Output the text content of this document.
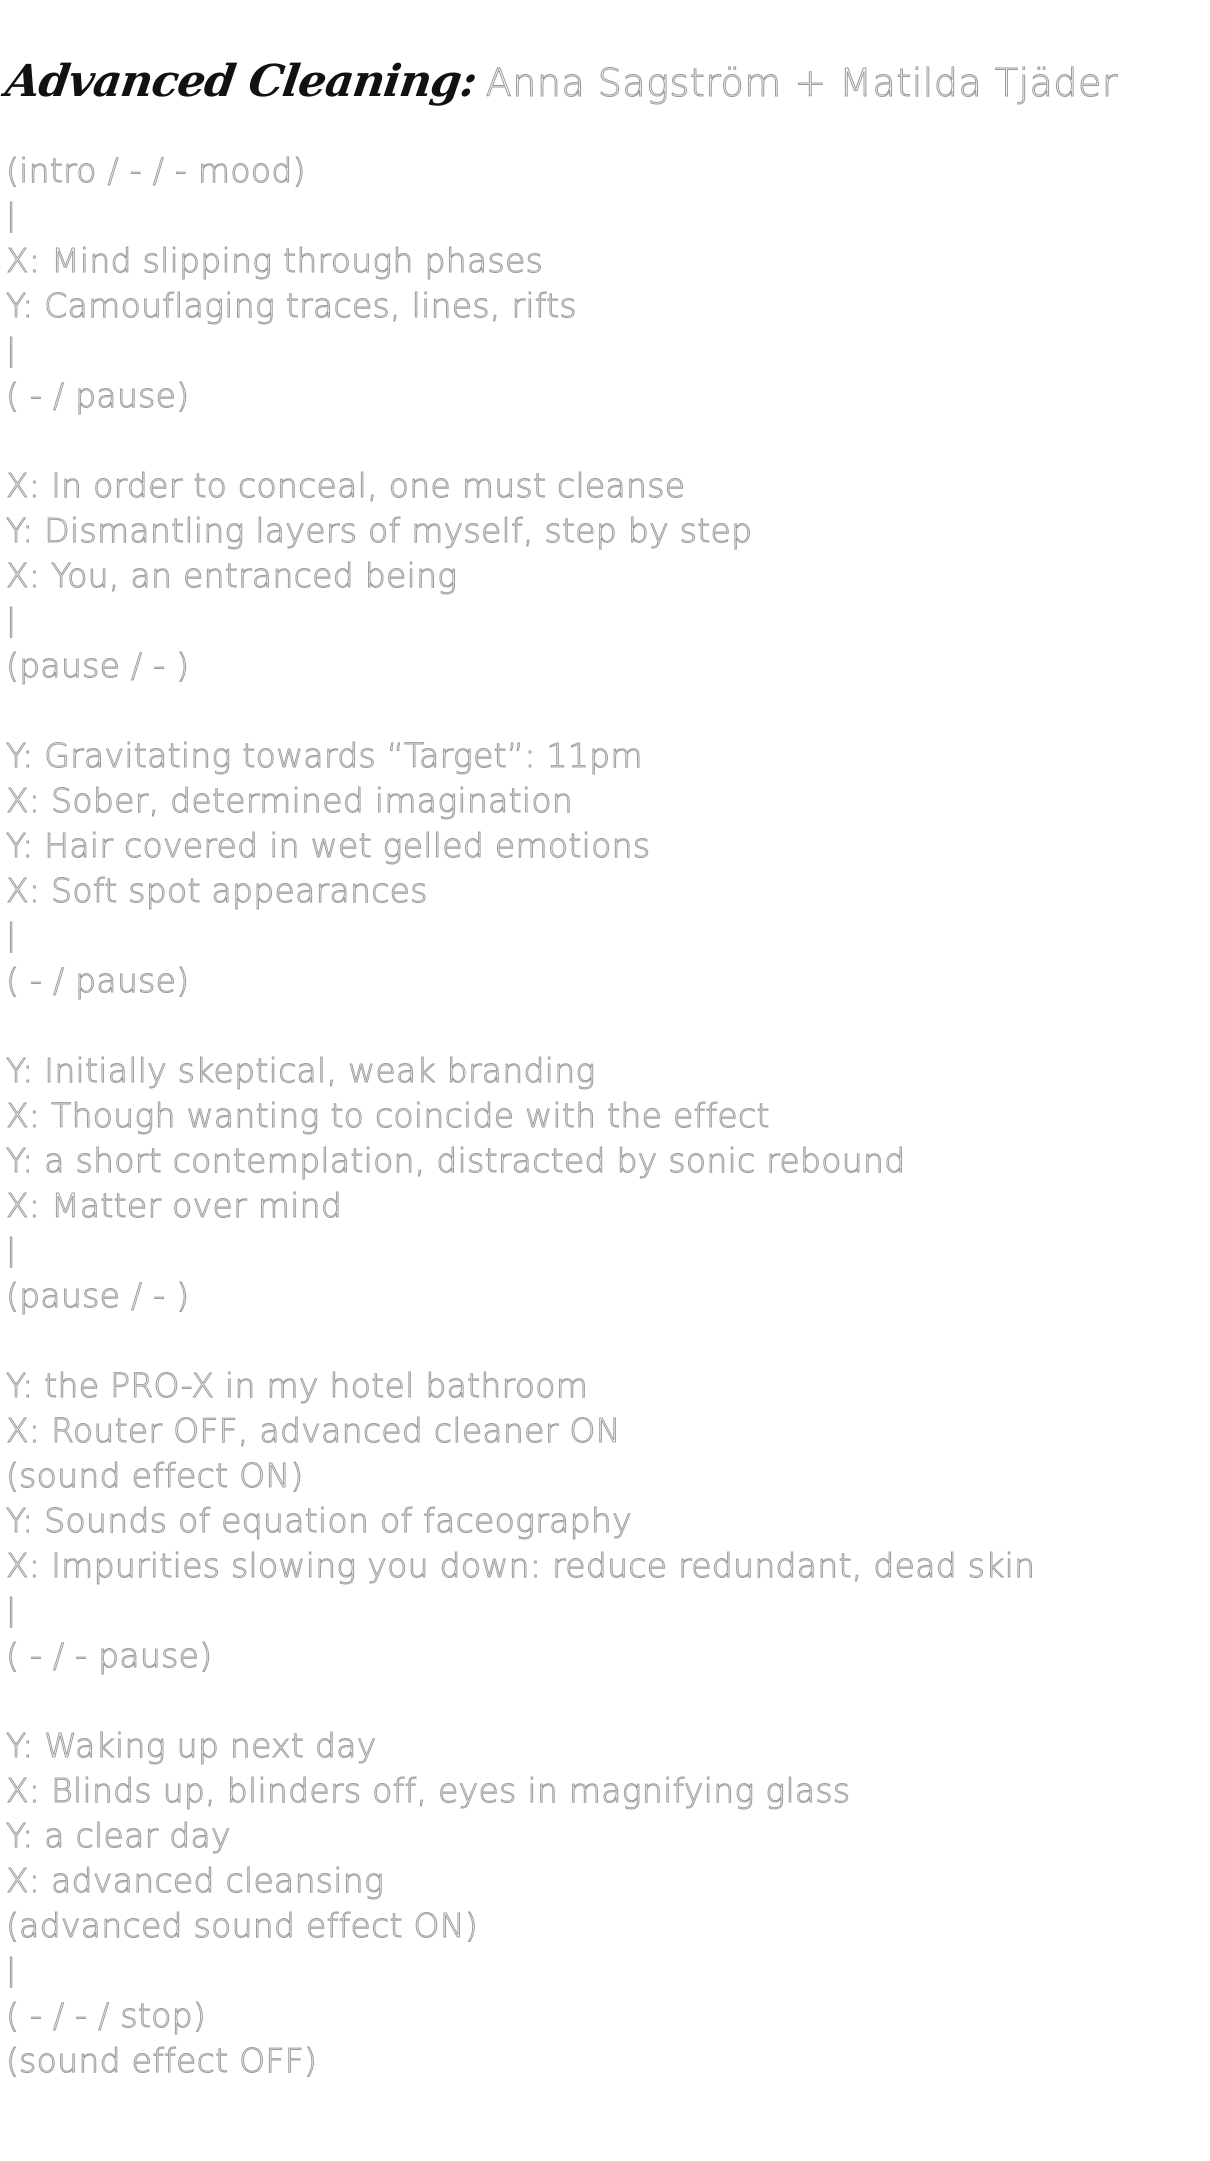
Advanced Cleaning: Anna Sagström + Matilda Tjäder
(intro / - / - mood)
|
X: Mind slipping through phases
Y: Camouflaging traces, lines, rifts
|
( - / pause)
X: In order to conceal, one must cleanse
Y: Dismantling layers of myself, step by step
X: You, an entranced being
|
(pause / - )
Y: Gravitating towards “Target”: 11pm
X: Sober, determined imagination
Y: Hair covered in wet gelled emotions
X: Soft spot appearances
|
( - / pause)
Y: Initially skeptical, weak branding
X: Though wanting to coincide with the effect
Y: a short contemplation, distracted by sonic rebound
X: Matter over mind
|
(pause / - )
Y: the PRO-X in my hotel bathroom
X: Router OFF, advanced cleaner ON
(sound effect ON)
Y: Sounds of equation of faceography
X: Impurities slowing you down: reduce redundant, dead skin
|
( - / - pause)
Y: Waking up next day
X: Blinds up, blinders off, eyes in magnifying glass
Y: a clear day
X: advanced cleansing
(advanced sound effect ON)
|
( - / - / stop)
(sound effect OFF)
